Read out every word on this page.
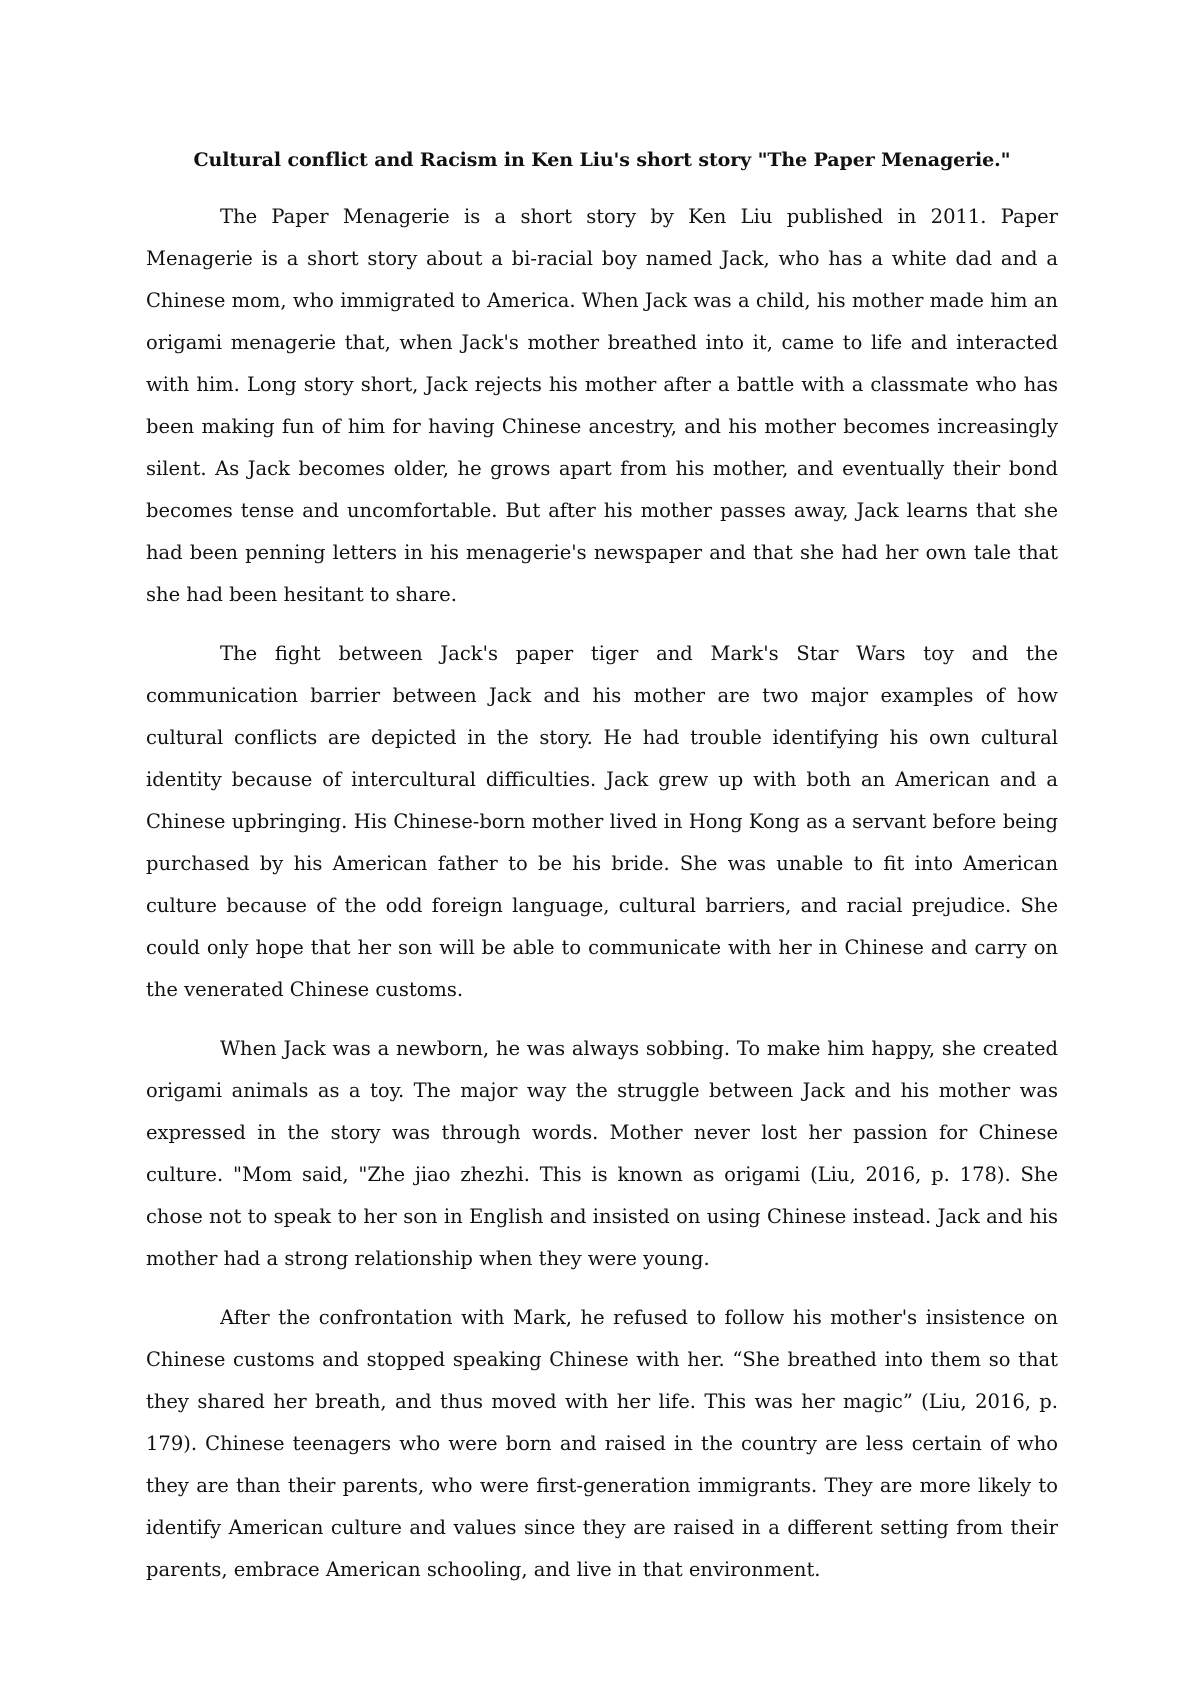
Cultural conflict and Racism in Ken Liu's short story "The Paper Menagerie."

The Paper Menagerie is a short story by Ken Liu published in 2011. Paper Menagerie is a short story about a bi-racial boy named Jack, who has a white dad and a Chinese mom, who immigrated to America. When Jack was a child, his mother made him an origami menagerie that, when Jack's mother breathed into it, came to life and interacted with him. Long story short, Jack rejects his mother after a battle with a classmate who has been making fun of him for having Chinese ancestry, and his mother becomes increasingly silent. As Jack becomes older, he grows apart from his mother, and eventually their bond becomes tense and uncomfortable. But after his mother passes away, Jack learns that she had been penning letters in his menagerie's newspaper and that she had her own tale that she had been hesitant to share.

The fight between Jack's paper tiger and Mark's Star Wars toy and the communication barrier between Jack and his mother are two major examples of how cultural conflicts are depicted in the story. He had trouble identifying his own cultural identity because of intercultural difficulties. Jack grew up with both an American and a Chinese upbringing. His Chinese-born mother lived in Hong Kong as a servant before being purchased by his American father to be his bride. She was unable to fit into American culture because of the odd foreign language, cultural barriers, and racial prejudice. She could only hope that her son will be able to communicate with her in Chinese and carry on the venerated Chinese customs.

When Jack was a newborn, he was always sobbing. To make him happy, she created origami animals as a toy. The major way the struggle between Jack and his mother was expressed in the story was through words. Mother never lost her passion for Chinese culture. "Mom said, "Zhe jiao zhezhi. This is known as origami (Liu, 2016, p. 178). She chose not to speak to her son in English and insisted on using Chinese instead. Jack and his mother had a strong relationship when they were young.

After the confrontation with Mark, he refused to follow his mother's insistence on Chinese customs and stopped speaking Chinese with her. “She breathed into them so that they shared her breath, and thus moved with her life. This was her magic” (Liu, 2016, p. 179). Chinese teenagers who were born and raised in the country are less certain of who they are than their parents, who were first-generation immigrants. They are more likely to identify American culture and values since they are raised in a different setting from their parents, embrace American schooling, and live in that environment.
